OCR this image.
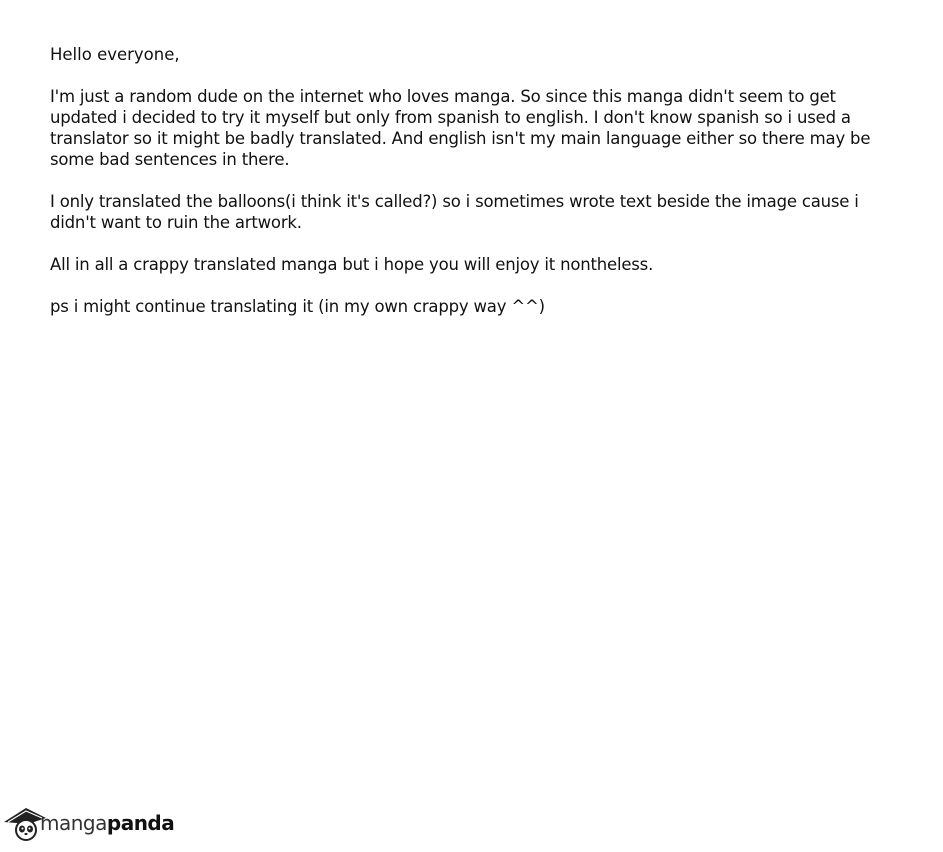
Hello everyone,

I'm just a random dude on the internet who loves manga. So since this manga didn't seem to get updated i decided to try it myself but only from spanish to english. I don't know spanish so i used a translator so it might be badly translated. And english isn't my main language either so there may be some bad sentences in there.

I only translated the balloons(i think it's called?) so i sometimes wrote text beside the image cause i didn't want to ruin the artwork.

All in all a crappy translated manga but i hope you will enjoy it nontheless.

ps i might continue translating it (in my own crappy way ^^)

mangapanda
